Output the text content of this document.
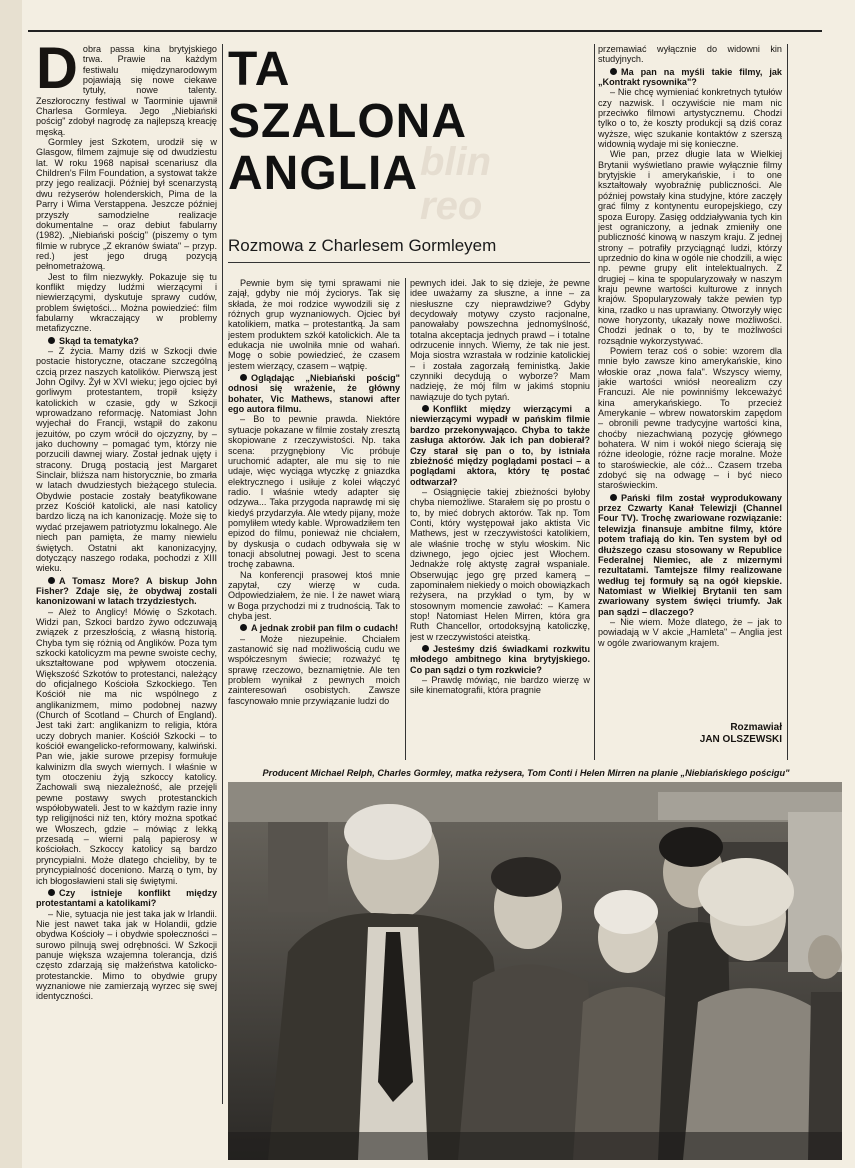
D obra passa kina brytyjskiego trwa. Prawie na każdym festiwalu międzynarodowym pojawiają się nowe ciekawe tytuły, nowe talenty. Zeszłoroczny festiwal w Taorminie ujawnił Charlesa Gormleya. Jego „Niebiański pościg" zdobył nagrodę za najlepszą kreację męską.

Gormley jest Szkotem, urodził się w Glasgow, filmem zajmuje się od dwudziestu lat. W roku 1968 napisał scenariusz dla Children's Film Foundation, a systowat także przy jego realizacji. Później był scenarzystą dwu reżyserów holenderskich, Pima de la Parry i Wima Verstappena. Jeszcze później przyszły samodzielne realizacje dokumentalne – oraz debiut fabularny (1982). „Niebiański pościg" (piszemy o tym filmie w rubryce „Z ekranów świata" – przyp. red.) jest jego drugą pozycją pełnometrażową.

Jest to film niezwykły. Pokazuje się tu konflikt między ludźmi wierzącymi i niewierzącymi, dyskutuje sprawy cudów, problem świętości... Można powiedzieć: film fabularny wkraczający w problemy metafizyczne.

Skąd ta tematyka?

– Z życia. Mamy dziś w Szkocji dwie postacie historyczne, otaczane szczególną czcią przez naszych katolików. Pierwszą jest John Ogilvy. Żył w XVI wieku; jego ojciec był gorliwym protestantem, tropił księży katolickich w czasie, gdy w Szkocji wprowadzano reformację. Natomiast John wyjechał do Francji, wstąpił do zakonu jezuitów, po czym wrócił do ojczyzny, by – jako duchowny – pomagać tym, którzy nie porzucili dawnej wiary. Został jednak ujęty i stracony. Drugą postacią jest Margaret Sinclair, bliższa nam historycznie, bo zmarła w latach dwudziestych bieżącego stulecia. Obydwie postacie zostały beatyfikowane przez Kościół katolicki, ale nasi katolicy bardzo liczą na ich kanonizację. Może się to wydać przejawem patriotyzmu lokalnego. Ale niech pan pamięta, że mamy niewielu świętych. Ostatni akt kanonizacyjny, dotyczący naszego rodaka, pochodzi z XIII wieku.

A Tomasz More? A biskup John Fisher? Zdaje się, że obydwaj zostali kanonizowani w latach trzydziestych.

– Ależ to Anglicy! Mówię o Szkotach. Widzi pan, Szkoci bardzo żywo odczuwają związek z przeszłością, z własną historią. Chyba tym się różnią od Anglików. Poza tym szkocki katolicyzm ma pewne swoiste cechy, ukształtowane pod wpływem otoczenia. Większość Szkotów to protestanci, należący do oficjalnego Kościoła Szkockiego. Ten Kościół nie ma nic wspólnego z anglikanizmem, mimo podobnej nazwy (Church of Scotland – Church of England). Jest taki żart: anglikanizm to religia, która uczy dobrych manier. Kościół Szkocki – to kościół ewangelicko-reformowany, kalwiński. Pan wie, jakie surowe przepisy formułuje kalwinizm dla swych wiernych. I właśnie w tym otoczeniu żyją szkoccy katolicy. Zachowali swą niezależność, ale przejęli pewne postawy swych protestanckich współobywateli. Jest to w każdym razie inny typ religijności niż ten, który można spotkać we Włoszech, gdzie – mówiąc z lekką przesadą – wierni palą papierosy w kościołach. Szkoccy katolicy są bardzo pryncypialni. Może dlatego chcieliby, by te pryncypialność doceniono. Marzą o tym, by ich błogosławieni stali się świętymi.

Czy istnieje konflikt między protestantami a katolikami?

– Nie, sytuacja nie jest taka jak w Irlandii. Nie jest nawet taka jak w Holandii, gdzie obydwa Kościoły – i obydwie społeczności – surowo pilnują swej odrębności. W Szkocji panuje większa wzajemna tolerancja, dziś często zdarzają się małżeństwa katolicko-protestanckie. Mimo to obydwie grupy wyznaniowe nie zamierzają wyrzec się swej identyczności.

blin
reo
TA
SZALONA
ANGLIA
Rozmowa z Charlesem Gormleyem

Pewnie bym się tymi sprawami nie zajął, gdyby nie mój życiorys. Tak się składa, że moi rodzice wywodzili się z różnych grup wyznaniowych. Ojciec był katolikiem, matka – protestantką. Ja sam jestem produktem szkół katolickich. Ale ta edukacja nie uwolniła mnie od wahań. Mogę o sobie powiedzieć, że czasem jestem wierzący, czasem – wątpię.

Oglądając „Niebiański pościg" odnosi się wrażenie, że główny bohater, Vic Mathews, stanowi after ego autora filmu.

– Bo to pewnie prawda. Niektóre sytuacje pokazane w filmie zostały zresztą skopiowane z rzeczywistości. Np. taka scena: przygnębiony Vic próbuje uruchomić adapter, ale mu się to nie udaje, więc wyciąga wtyczkę z gniazdka elektrycznego i usiłuje z kolei włączyć radio. I właśnie wtedy adapter się odzywa... Taka przygoda naprawdę mi się kiedyś przydarzyła. Ale wtedy pijany, może pomyliłem wtedy kable. Wprowadziłem ten epizod do filmu, ponieważ nie chciałem, by dyskusja o cudach odbywała się w tonacji absolutnej powagi. Jest to scena trochę zabawna.

Na konferencji prasowej ktoś mnie zapytał, czy wierzę w cuda. Odpowiedziałem, że nie. I że nawet wiarą w Boga przychodzi mi z trudnością. Tak to chyba jest.

A jednak zrobił pan film o cudach!

– Może niezupełnie. Chciałem zastanowić się nad możliwością cudu we współczesnym świecie; rozważyć tę sprawę rzeczowo, beznamiętnie. Ale ten problem wynikał z pewnych moich zainteresowań osobistych. Zawsze fascynowało mnie przywiązanie ludzi do

pewnych idei. Jak to się dzieje, że pewne idee uważamy za słuszne, a inne – za niesłuszne czy nieprawdziwe? Gdyby decydowały motywy czysto racjonalne, panowałaby powszechna jednomyślność, totalna akceptacja jednych prawd – i totalne odrzucenie innych. Wiemy, że tak nie jest. Moja siostra wzrastała w rodzinie katolickiej – i została zagorzałą feministką. Jakie czynniki decydują o wyborze? Mam nadzieję, że mój film w jakimś stopniu nawiązuje do tych pytań.

Konflikt między wierzącymi a niewierzącymi wypadł w pańskim filmie bardzo przekonywająco. Chyba to także zasługa aktorów. Jak ich pan dobierał? Czy starał się pan o to, by istniała zbieżność między poglądami postaci – a poglądami aktora, który tę postać odtwarzał?

– Osiągnięcie takiej zbieżności byłoby chyba niemożliwe. Starałem się po prostu o to, by mieć dobrych aktorów. Tak np. Tom Conti, który występował jako aktista Vic Mathews, jest w rzeczywistości katolikiem, ale właśnie trochę w stylu włoskim. Nic dziwnego, jego ojciec jest Włochem. Jednakże rolę aktystę zagrał wspaniale. Obserwując jego grę przed kamerą – zapominałem niekiedy o moich obowiązkach reżysera, na przykład o tym, by w stosownym momencie zawołać: – Kamera stop! Natomiast Helen Mirren, która gra Ruth Chancellor, ortodoksyjną katoliczkę, jest w rzeczywistości ateistką.

Jesteśmy dziś świadkami rozkwitu młodego ambitnego kina brytyjskiego. Co pan sądzi o tym rozkwicie?

– Prawdę mówiąc, nie bardzo wierzę w siłe kinematografii, która pragnie

przemawiać wyłącznie do widowni kin studyjnych.

Ma pan na myśli takie filmy, jak „Kontrakt rysownika"?

– Nie chcę wymieniać konkretnych tytułów czy nazwisk. I oczywiście nie mam nic przeciwko filmowi artystycznemu. Chodzi tylko o to, że koszty produkcji są dziś coraz wyższe, więc szukanie kontaktów z szerszą widownią wydaje mi się konieczne.

Wie pan, przez długie lata w Wielkiej Brytanii wyświetlano prawie wyłącznie filmy brytyjskie i amerykańskie, i to one kształtowały wyobraźnię publiczności. Ale później powstały kina studyjne, które zaczęły grać filmy z kontynentu europejskiego, czy spoza Europy. Zasięg oddziaływania tych kin jest ograniczony, a jednak zmieniły one publiczność kinową w naszym kraju. Z jednej strony – potrafiły przyciągnąć ludzi, którzy uprzednio do kina w ogóle nie chodzili, a więc np. pewne grupy elit intelektualnych. Z drugiej – kina te spopularyzowały w naszym kraju pewne wartości kulturowe z innych krajów. Spopularyzowały także pewien typ kina, rzadko u nas uprawiany. Otworzyły więc nowe horyzonty, ukazały nowe możliwości. Chodzi jednak o to, by te możliwości rozsądnie wykorzystywać.

Powiem teraz coś o sobie: wzorem dla mnie było zawsze kino amerykańskie, kino włoskie oraz „nowa fala". Wszyscy wiemy, jakie wartości wniósł neorealizm czy Francuzi. Ale nie powinniśmy lekceważyć kina amerykańskiego. To przecież Amerykanie – wbrew nowatorskim zapędom – obronili pewne tradycyjne wartości kina, choćby niezachwianą pozycję głównego bohatera. W nim i wokół niego ścierają się różne ideologie, różne racje moralne. Może to staroświeckie, ale cóż... Czasem trzeba zdobyć się na odwagę – i być nieco staroświeckim.

Pański film został wyprodukowany przez Czwarty Kanał Telewizji (Channel Four TV). Trochę zwariowane rozwiązanie: telewizja finansuje ambitne filmy, które potem trafiają do kin. Ten system był od dłuższego czasu stosowany w Republice Federalnej Niemiec, ale z mizernymi rezultatami. Tamtejsze filmy realizowane według tej formuły są na ogół kiepskie. Natomiast w Wielkiej Brytanii ten sam zwariowany system święci triumfy. Jak pan sądzi – dlaczego?

– Nie wiem. Może dlatego, że – jak to powiadają w V akcie „Hamleta" – Anglia jest w ogóle zwariowanym krajem.

Rozmawiał
JAN OLSZEWSKI
Producent Michael Relph, Charles Gormley, matka reżysera, Tom Conti i Helen Mirren na planie „Niebiańskiego pościgu"
